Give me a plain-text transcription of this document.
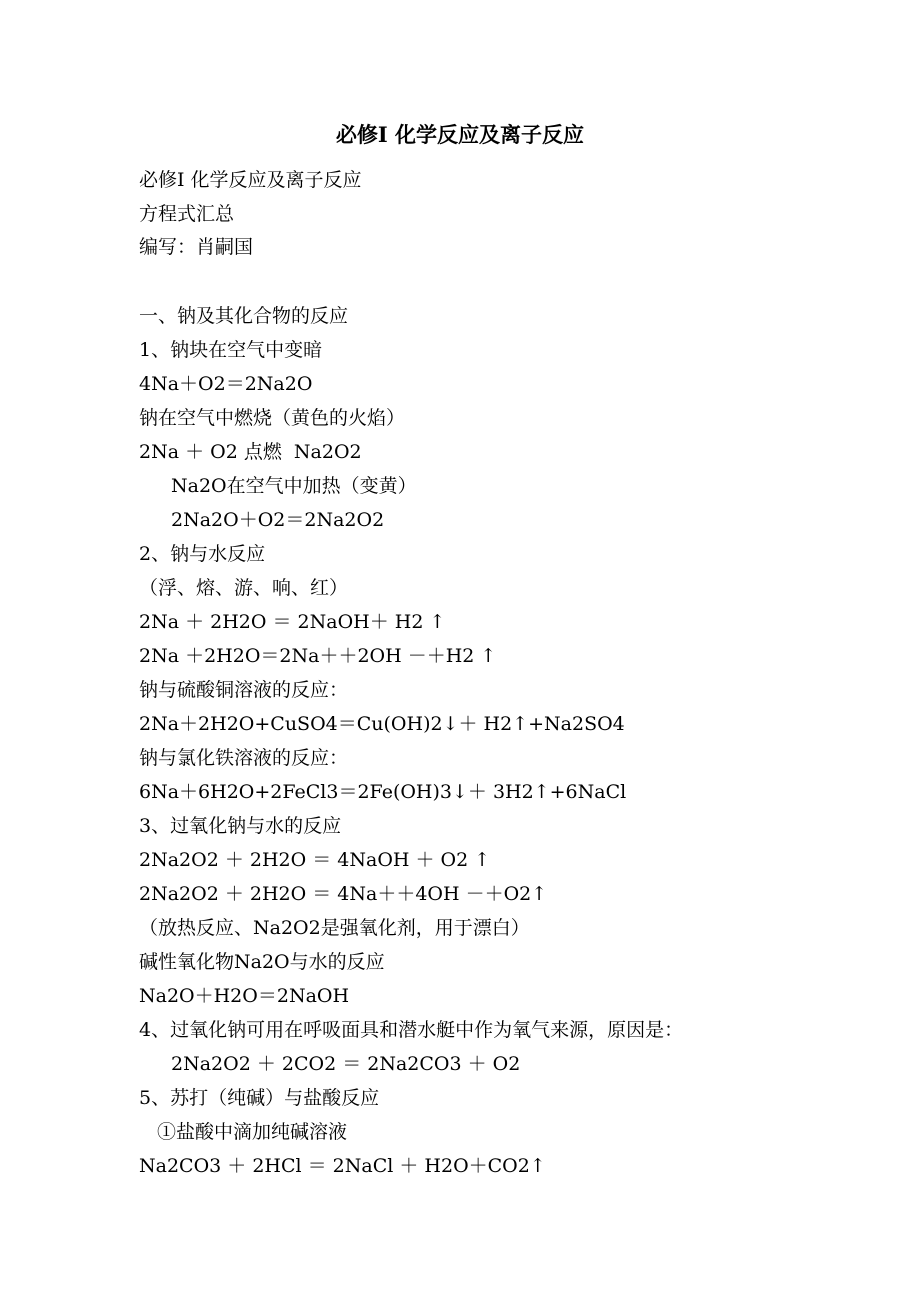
必修Ⅰ 化学反应及离子反应
必修Ⅰ 化学反应及离子反应
方程式汇总
编写：肖嗣国
一、钠及其化合物的反应
1、钠块在空气中变暗
4Na＋O2＝2Na2O
钠在空气中燃烧（黄色的火焰）
2Na ＋ O2 点燃  Na2O2
Na2O在空气中加热（变黄）
2Na2O＋O2＝2Na2O2
2、钠与水反应
（浮、熔、游、响、红）
2Na ＋ 2H2O ＝ 2NaOH＋ H2 ↑
2Na ＋2H2O＝2Na＋＋2OH －＋H2 ↑
钠与硫酸铜溶液的反应：
2Na＋2H2O+CuSO4＝Cu(OH)2↓＋ H2↑+Na2SO4
钠与氯化铁溶液的反应：
6Na＋6H2O+2FeCl3＝2Fe(OH)3↓＋ 3H2↑+6NaCl
3、过氧化钠与水的反应
2Na2O2 ＋ 2H2O ＝ 4NaOH ＋ O2 ↑
2Na2O2 ＋ 2H2O ＝ 4Na＋＋4OH －＋O2↑
（放热反应、Na2O2是强氧化剂，用于漂白）
碱性氧化物Na2O与水的反应
Na2O＋H2O＝2NaOH
4、过氧化钠可用在呼吸面具和潜水艇中作为氧气来源，原因是：
2Na2O2 ＋ 2CO2 ＝ 2Na2CO3 ＋ O2
5、苏打（纯碱）与盐酸反应
①盐酸中滴加纯碱溶液
Na2CO3 ＋ 2HCl ＝ 2NaCl ＋ H2O＋CO2↑
